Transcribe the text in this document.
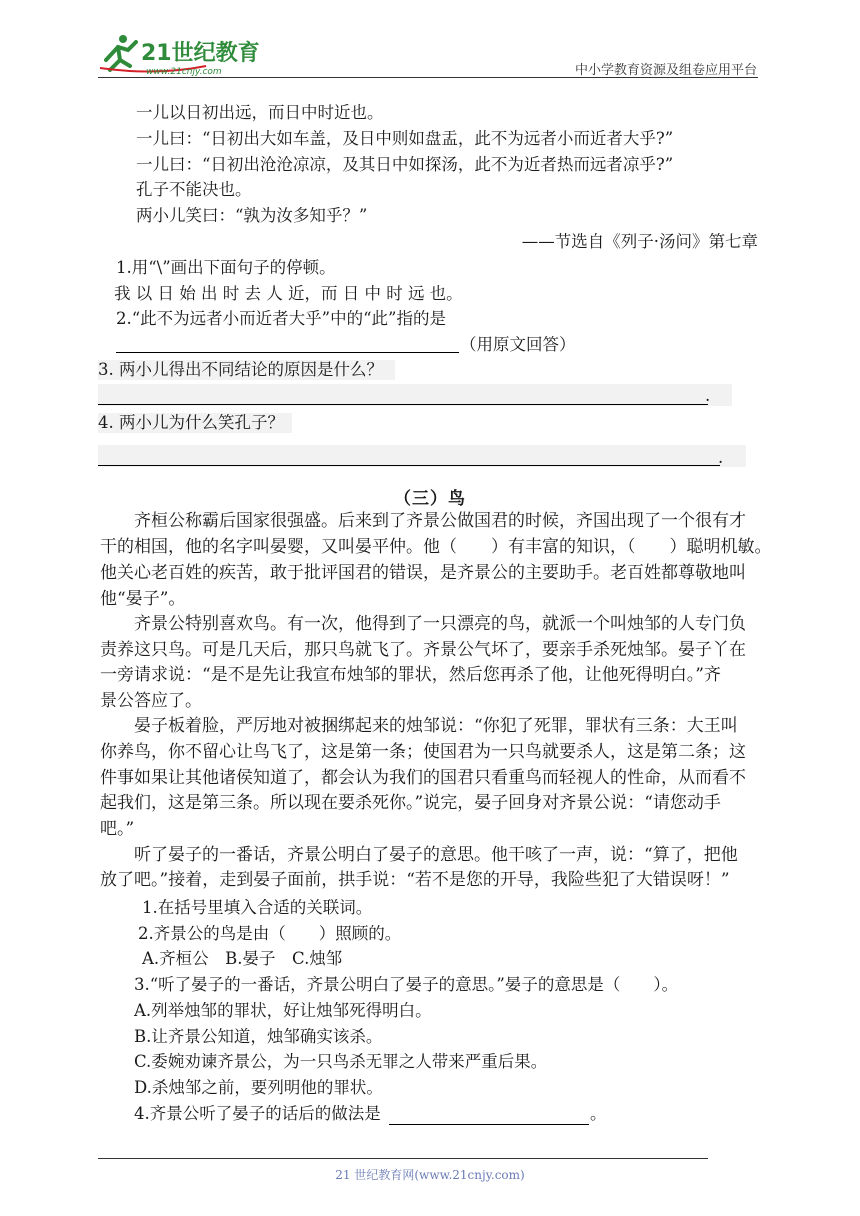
21世纪教育
www.21cnjy.com	中小学教育资源及组卷应用平台
一儿以日初出远，而日中时近也。
一儿曰：“日初出大如车盖，及日中则如盘盂，此不为远者小而近者大乎?”
一儿曰：“日初出沧沧凉凉，及其日中如探汤，此不为近者热而远者凉乎?”
孔子不能决也。
两小儿笑曰：“孰为汝多知乎？”
——节选自《列子·汤问》第七章
1.用“\”画出下面句子的停顿。
我 以 日 始 出 时 去 人 近，而 日 中 时 远 也。
2.“此不为远者小而近者大乎”中的“此”指的是
（用原文回答）
3. 两小儿得出不同结论的原因是什么？
.
4. 两小儿为什么笑孔子？
.
（三）鸟
齐桓公称霸后国家很强盛。后来到了齐景公做国君的时候，齐国出现了一个很有才
干的相国，他的名字叫晏婴，又叫晏平仲。他（　　）有丰富的知识，（　　）聪明机敏。
他关心老百姓的疾苦，敢于批评国君的错误，是齐景公的主要助手。老百姓都尊敬地叫
他“晏子”。
齐景公特别喜欢鸟。有一次，他得到了一只漂亮的鸟，就派一个叫烛邹的人专门负
责养这只鸟。可是几天后，那只鸟就飞了。齐景公气坏了，要亲手杀死烛邹。晏子丫在
一旁请求说：“是不是先让我宣布烛邹的罪状，然后您再杀了他，让他死得明白。”齐
景公答应了。
晏子板着脸，严厉地对被捆绑起来的烛邹说：“你犯了死罪，罪状有三条：大王叫
你养鸟，你不留心让鸟飞了，这是第一条；使国君为一只鸟就要杀人，这是第二条；这
件事如果让其他诸侯知道了，都会认为我们的国君只看重鸟而轻视人的性命，从而看不
起我们，这是第三条。所以现在要杀死你。”说完，晏子回身对齐景公说：“请您动手
吧。”
听了晏子的一番话，齐景公明白了晏子的意思。他干咳了一声，说：“算了，把他
放了吧。”接着，走到晏子面前，拱手说：“若不是您的开导，我险些犯了大错误呀！”
1.在括号里填入合适的关联词。
2.齐景公的鸟是由（　　）照顾的。
A.齐桓公　B.晏子　C.烛邹
3.“听了晏子的一番话，齐景公明白了晏子的意思。”晏子的意思是（　　）。
A.列举烛邹的罪状，好让烛邹死得明白。
B.让齐景公知道，烛邹确实该杀。
C.委婉劝谏齐景公，为一只鸟杀无罪之人带来严重后果。
D.杀烛邹之前，要列明他的罪状。
4.齐景公听了晏子的话后的做法是	。
21 世纪教育网(www.21cnjy.com)
